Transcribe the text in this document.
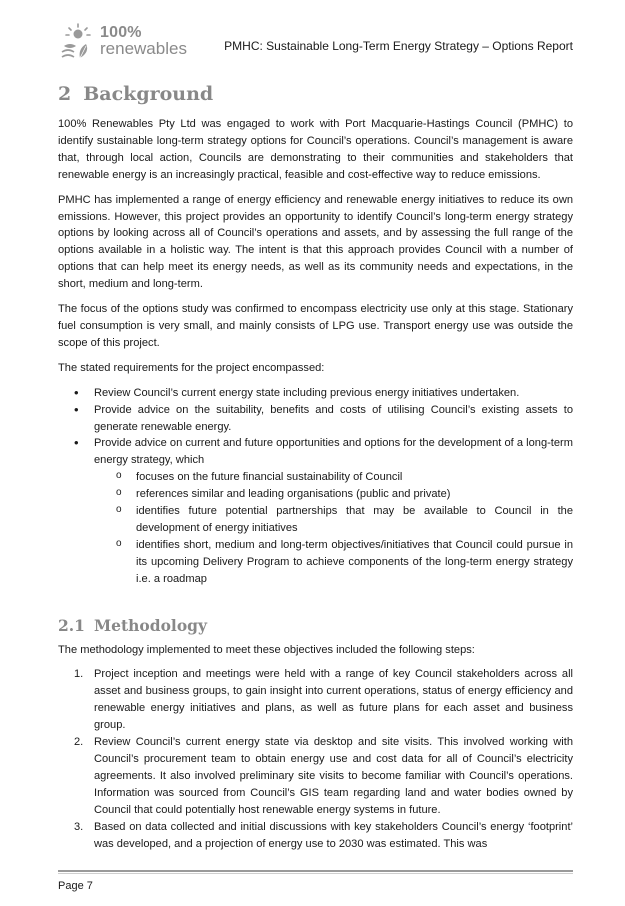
100%
renewables	PMHC: Sustainable Long-Term Energy Strategy – Options Report
2 Background

100% Renewables Pty Ltd was engaged to work with Port Macquarie-Hastings Council (PMHC) to identify sustainable long-term strategy options for Council’s operations. Council’s management is aware that, through local action, Councils are demonstrating to their communities and stakeholders that renewable energy is an increasingly practical, feasible and cost-effective way to reduce emissions.

PMHC has implemented a range of energy efficiency and renewable energy initiatives to reduce its own emissions. However, this project provides an opportunity to identify Council’s long-term energy strategy options by looking across all of Council’s operations and assets, and by assessing the full range of the options available in a holistic way. The intent is that this approach provides Council with a number of options that can help meet its energy needs, as well as its community needs and expectations, in the short, medium and long-term.

The focus of the options study was confirmed to encompass electricity use only at this stage. Stationary fuel consumption is very small, and mainly consists of LPG use. Transport energy use was outside the scope of this project.

The stated requirements for the project encompassed:

• Review Council’s current energy state including previous energy initiatives undertaken.
• Provide advice on the suitability, benefits and costs of utilising Council’s existing assets to generate renewable energy.
• Provide advice on current and future opportunities and options for the development of a long-term energy strategy, which
o focuses on the future financial sustainability of Council
o references similar and leading organisations (public and private)
o identifies future potential partnerships that may be available to Council in the development of energy initiatives
o identifies short, medium and long-term objectives/initiatives that Council could pursue in its upcoming Delivery Program to achieve components of the long-term energy strategy i.e. a roadmap
2.1 Methodology

The methodology implemented to meet these objectives included the following steps:

1. Project inception and meetings were held with a range of key Council stakeholders across all asset and business groups, to gain insight into current operations, status of energy efficiency and renewable energy initiatives and plans, as well as future plans for each asset and business group.
2. Review Council’s current energy state via desktop and site visits. This involved working with Council’s procurement team to obtain energy use and cost data for all of Council’s electricity agreements. It also involved preliminary site visits to become familiar with Council’s operations. Information was sourced from Council’s GIS team regarding land and water bodies owned by Council that could potentially host renewable energy systems in future.
3. Based on data collected and initial discussions with key stakeholders Council’s energy ‘footprint’ was developed, and a projection of energy use to 2030 was estimated. This was
Page 7
